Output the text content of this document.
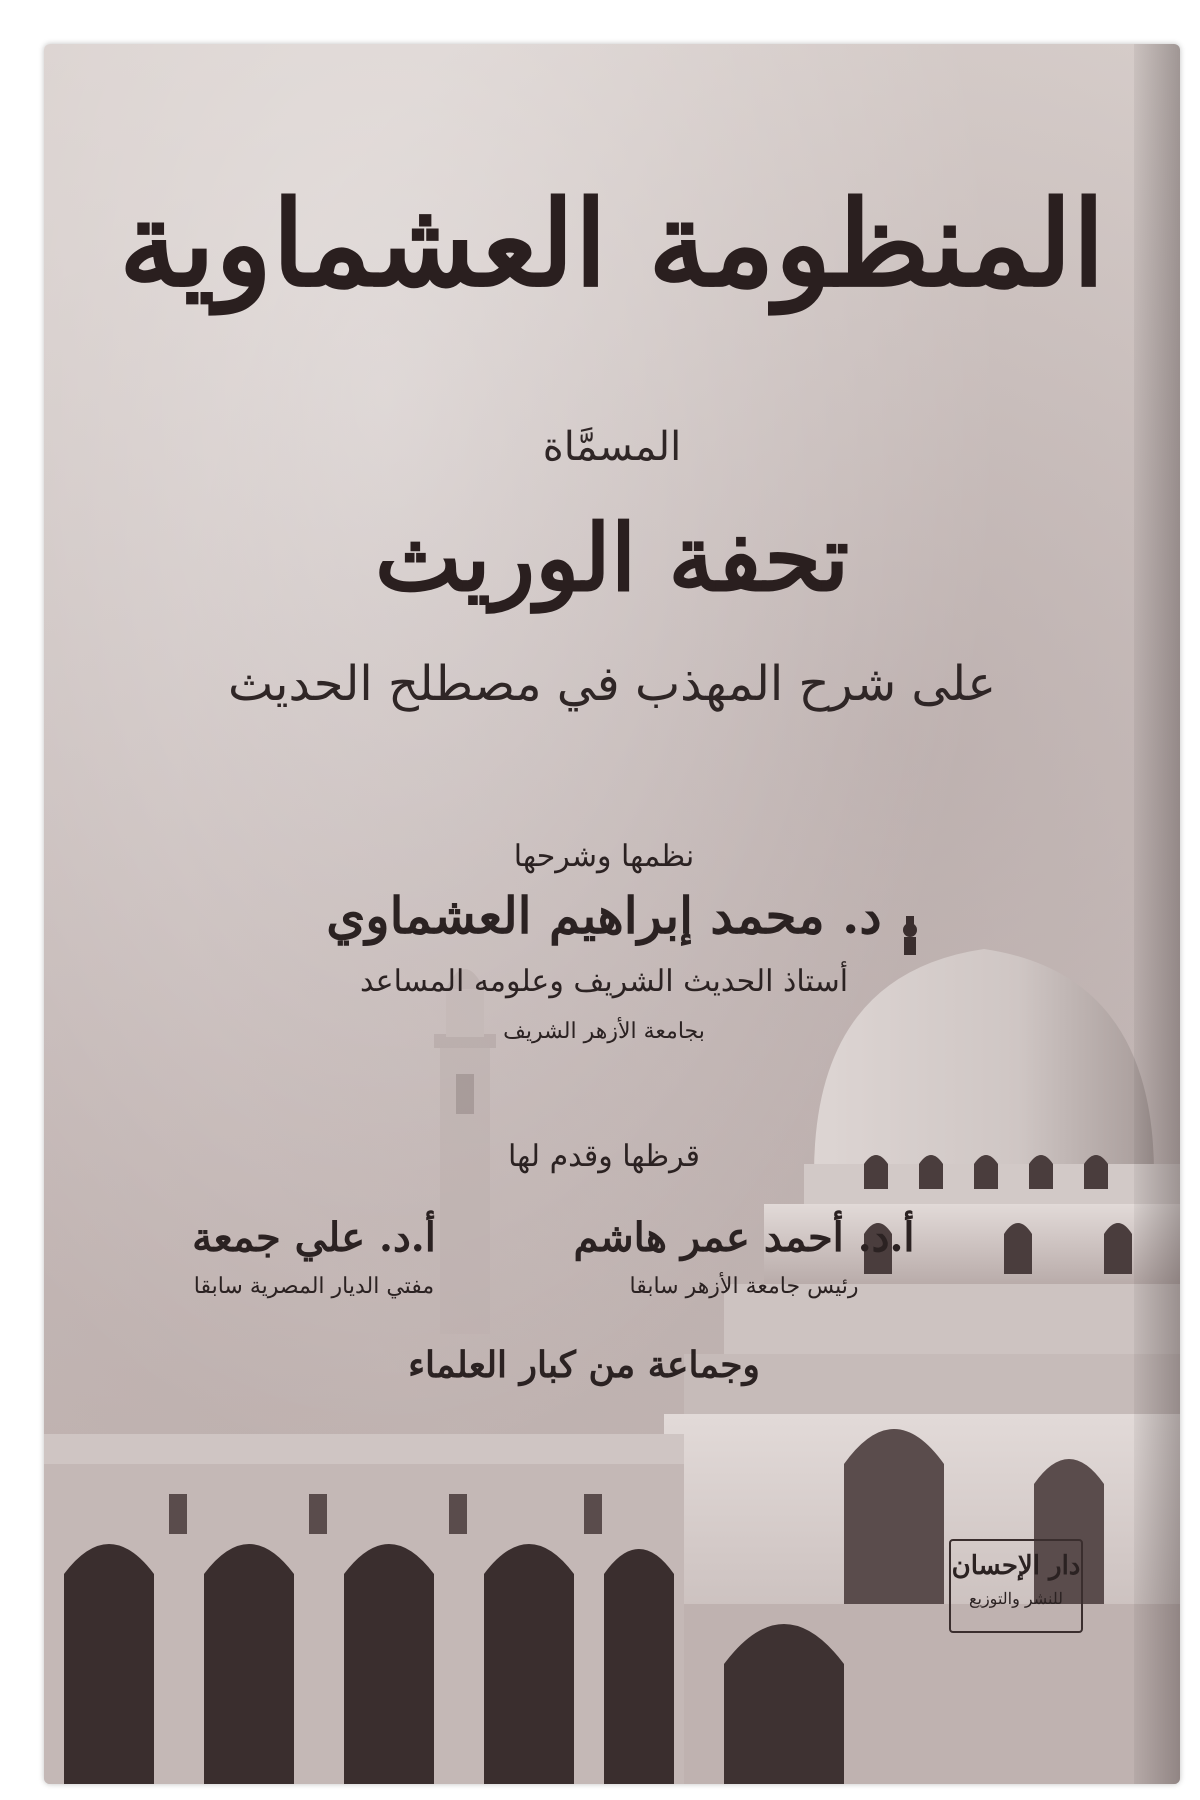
المنظومة العشماوية
المسمَّاة
تحفة الوريث
على شرح المهذب في مصطلح الحديث
نظمها وشرحها
د. محمد إبراهيم العشماوي
أستاذ الحديث الشريف وعلومه المساعد
بجامعة الأزهر الشريف
قرظها وقدم لها
أ.د. علي جمعة
مفتي الديار المصرية سابقا
أ.د. أحمد عمر هاشم
رئيس جامعة الأزهر سابقا
وجماعة من كبار العلماء
دار الإحسان
للنشر والتوزيع
